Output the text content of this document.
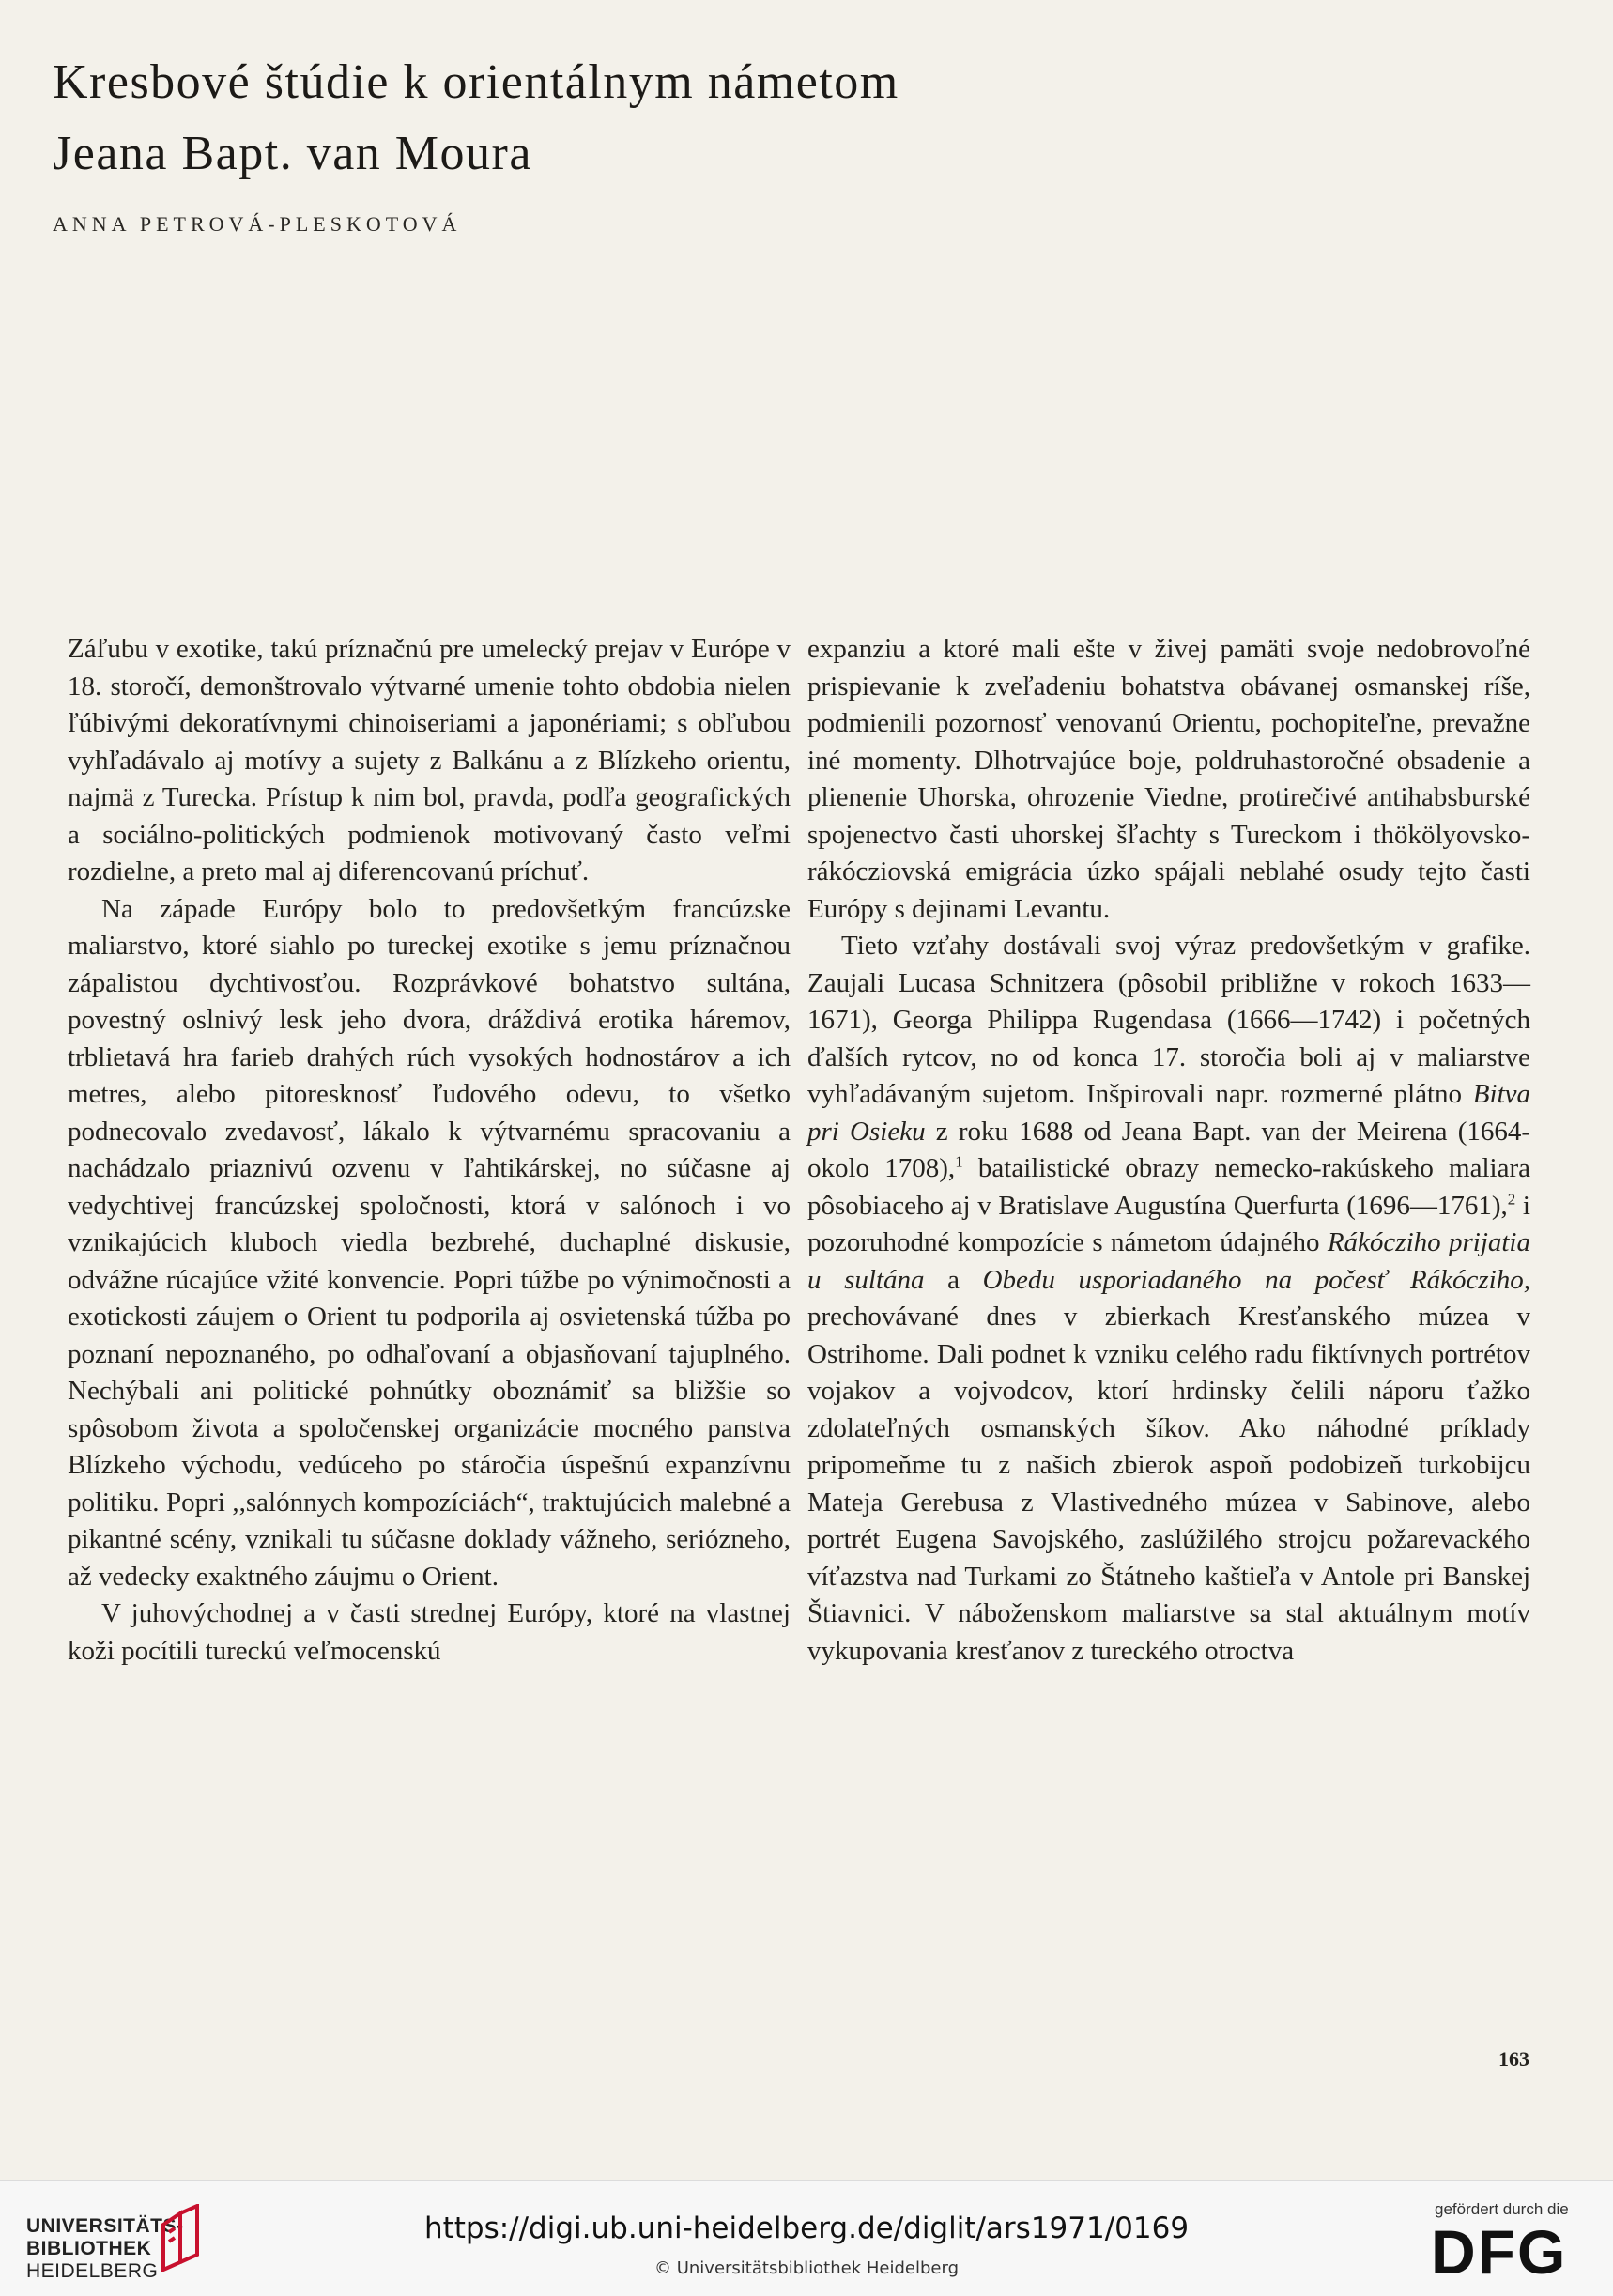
Kresbové štúdie k orientálnym námetom
Jeana Bapt. van Moura
ANNA PETROVÁ-PLESKOTOVÁ

Záľubu v exotike, takú príznačnú pre umelecký prejav v Európe v 18. storočí, demonštrovalo výtvarné umenie tohto obdobia nielen ľúbivými dekoratívnymi chinoiseriami a japonériami; s obľubou vyhľadávalo aj motívy a sujety z Balkánu a z Blízkeho orientu, najmä z Turecka. Prístup k nim bol, pravda, podľa geografických a sociálno-politických podmienok motivovaný často veľmi rozdielne, a preto mal aj diferencovanú príchuť.

Na západe Európy bolo to predovšetkým francúzske maliarstvo, ktoré siahlo po tureckej exotike s jemu príznačnou zápalistou dychtivosťou. Rozprávkové bohatstvo sultána, povestný oslnivý lesk jeho dvora, dráždivá erotika háremov, trblietavá hra farieb drahých rúch vysokých hodnostárov a ich metres, alebo pitoresknosť ľudového odevu, to všetko podnecovalo zvedavosť, lákalo k výtvarnému spracovaniu a nachádzalo priaznivú ozvenu v ľahtikárskej, no súčasne aj vedychtivej francúzskej spoločnosti, ktorá v salónoch i vo vznikajúcich kluboch viedla bezbrehé, duchaplné diskusie, odvážne rúcajúce vžité konvencie. Popri túžbe po výnimočnosti a exotickosti záujem o Orient tu podporila aj osvietenská túžba po poznaní nepoznaného, po odhaľovaní a objasňovaní tajuplného. Nechýbali ani politické pohnútky oboznámiť sa bližšie so spôsobom života a spoločenskej organizácie mocného panstva Blízkeho východu, vedúceho po stáročia úspešnú expanzívnu politiku. Popri ,,salónnych kompozíciách“, traktujúcich malebné a pikantné scény, vznikali tu súčasne doklady vážneho, seriózneho, až vedecky exaktného záujmu o Orient.

V juhovýchodnej a v časti strednej Európy, ktoré na vlastnej koži pocítili tureckú veľmocenskú

expanziu a ktoré mali ešte v živej pamäti svoje nedobrovoľné prispievanie k zveľadeniu bohatstva obávanej osmanskej ríše, podmienili pozornosť venovanú Orientu, pochopiteľne, prevažne iné momenty. Dlhotrvajúce boje, poldruhastoročné obsadenie a plienenie Uhorska, ohrozenie Viedne, protirečivé antihabsburské spojenectvo časti uhorskej šľachty s Tureckom i thökölyovsko-rákócziovská emigrácia úzko spájali neblahé osudy tejto časti Európy s dejinami Levantu.

Tieto vzťahy dostávali svoj výraz predovšetkým v grafike. Zaujali Lucasa Schnitzera (pôsobil približne v rokoch 1633—1671), Georga Philippa Rugendasa (1666—1742) i početných ďalších rytcov, no od konca 17. storočia boli aj v maliarstve vyhľadávaným sujetom. Inšpirovali napr. rozmerné plátno Bitva pri Osieku z roku 1688 od Jeana Bapt. van der Meirena (1664- okolo 1708),$^1$ batailistické obrazy nemecko-rakúskeho maliara pôsobiaceho aj v Bratislave Augustína Querfurta (1696—1761),$^2$ i pozoruhodné kompozície s námetom údajného Rákócziho prijatia u sultána a Obedu usporiadaného na počesť Rákócziho, prechovávané dnes v zbierkach Kresťanského múzea v Ostrihome. Dali podnet k vzniku celého radu fiktívnych portrétov vojakov a vojvodcov, ktorí hrdinsky čelili náporu ťažko zdolateľných osmanských šíkov. Ako náhodné príklady pripomeňme tu z našich zbierok aspoň podobizeň turkobijcu Mateja Gerebusa z Vlastivedného múzea v Sabinove, alebo portrét Eugena Savojského, zaslúžilého strojcu požarevackého víťazstva nad Turkami zo Štátneho kaštieľa v Antole pri Banskej Štiavnici. V náboženskom maliarstve sa stal aktuálnym motív vykupovania kresťanov z tureckého otroctva

163
UNIVERSITÄTS-
BIBLIOTHEK
HEIDELBERG
https://digi.ub.uni-heidelberg.de/diglit/ars1971/0169
© Universitätsbibliothek Heidelberg
gefördert durch die
DFG
